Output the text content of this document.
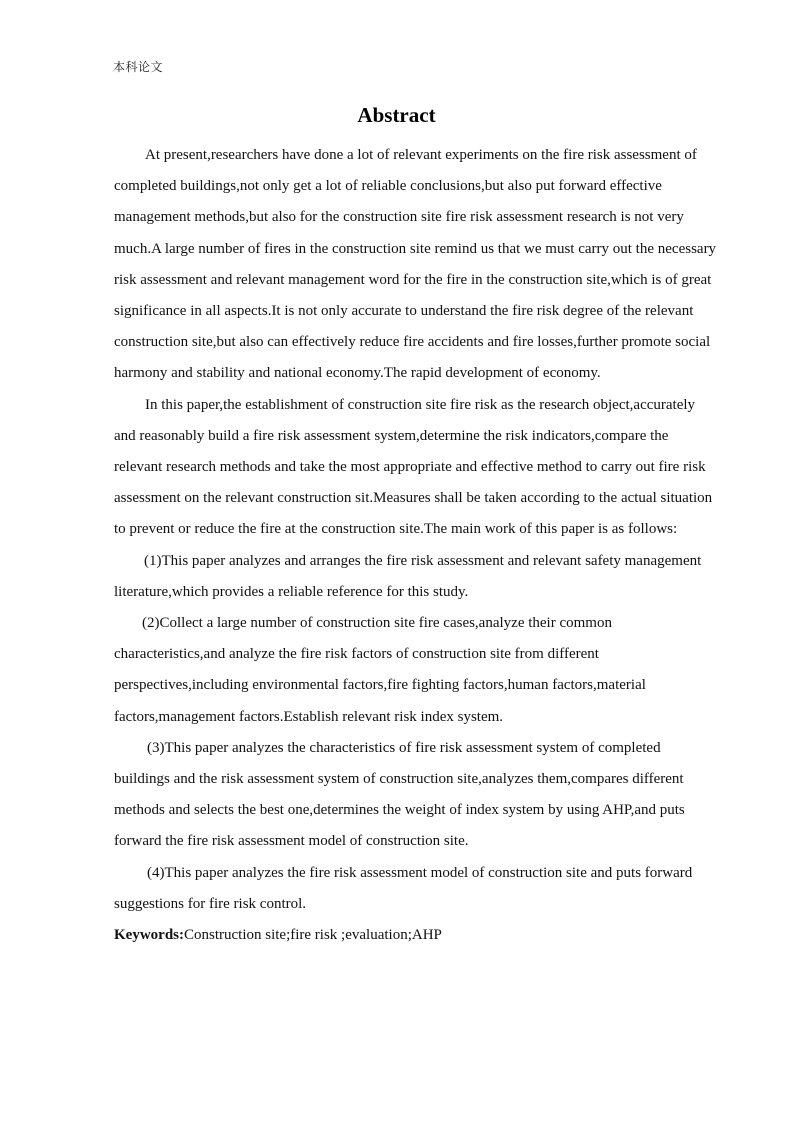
本科论文
Abstract

At present,researchers have done a lot of relevant experiments on the fire risk assessment of completed buildings,not only get a lot of reliable conclusions,but also put forward effective management methods,but also for the construction site fire risk assessment research is not very much.A large number of fires in the construction site remind us that we must carry out the necessary risk assessment and relevant management word for the fire in the construction site,which is of great significance in all aspects.It is not only accurate to understand the fire risk degree of the relevant construction site,but also can effectively reduce fire accidents and fire losses,further promote social harmony and stability and national economy.The rapid development of economy.

In this paper,the establishment of construction site fire risk as the research object,accurately and reasonably build a fire risk assessment system,determine the risk indicators,compare the relevant research methods and take the most appropriate and effective method to carry out fire risk assessment on the relevant construction sit.Measures shall be taken according to the actual situation to prevent or reduce the fire at the construction site.The main work of this paper is as follows:

(1)This paper analyzes and arranges the fire risk assessment and relevant safety management literature,which provides a reliable reference for this study.

(2)Collect a large number of construction site fire cases,analyze their common characteristics,and analyze the fire risk factors of construction site from different perspectives,including environmental factors,fire fighting factors,human factors,material factors,management factors.Establish relevant risk index system.

(3)This paper analyzes the characteristics of fire risk assessment system of completed buildings and the risk assessment system of construction site,analyzes them,compares different methods and selects the best one,determines the weight of index system by using AHP,and puts forward the fire risk assessment model of construction site.

(4)This paper analyzes the fire risk assessment model of construction site and puts forward suggestions for fire risk control.

Keywords:Construction site;fire risk ;evaluation;AHP
